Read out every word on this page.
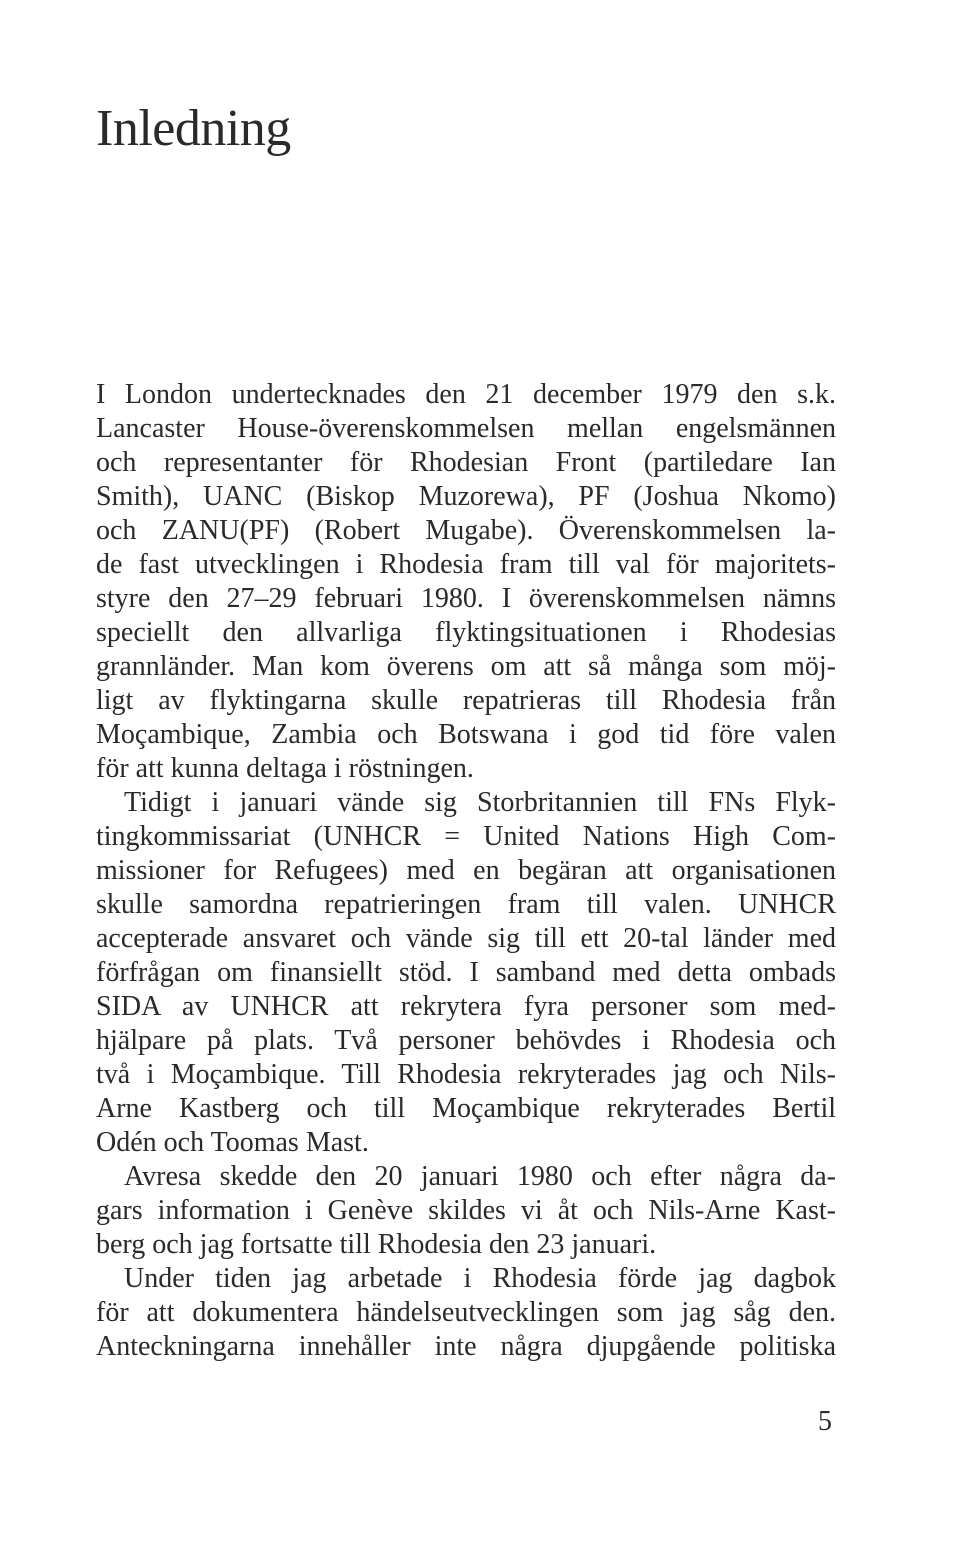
Inledning
I London undertecknades den 21 december 1979 den s.k.
Lancaster House-överenskommelsen mellan engelsmännen
och representanter för Rhodesian Front (partiledare Ian
Smith), UANC (Biskop Muzorewa), PF (Joshua Nkomo)
och ZANU(PF) (Robert Mugabe). Överenskommelsen la-
de fast utvecklingen i Rhodesia fram till val för majoritets-
styre den 27–29 februari 1980. I överenskommelsen nämns
speciellt den allvarliga flyktingsituationen i Rhodesias
grannländer. Man kom överens om att så många som möj-
ligt av flyktingarna skulle repatrieras till Rhodesia från
Moçambique, Zambia och Botswana i god tid före valen
för att kunna deltaga i röstningen.
Tidigt i januari vände sig Storbritannien till FNs Flyk-
tingkommissariat (UNHCR = United Nations High Com-
missioner for Refugees) med en begäran att organisationen
skulle samordna repatrieringen fram till valen. UNHCR
accepterade ansvaret och vände sig till ett 20-tal länder med
förfrågan om finansiellt stöd. I samband med detta ombads
SIDA av UNHCR att rekrytera fyra personer som med-
hjälpare på plats. Två personer behövdes i Rhodesia och
två i Moçambique. Till Rhodesia rekryterades jag och Nils-
Arne Kastberg och till Moçambique rekryterades Bertil
Odén och Toomas Mast.
Avresa skedde den 20 januari 1980 och efter några da-
gars information i Genève skildes vi åt och Nils-Arne Kast-
berg och jag fortsatte till Rhodesia den 23 januari.
Under tiden jag arbetade i Rhodesia förde jag dagbok
för att dokumentera händelseutvecklingen som jag såg den.
Anteckningarna innehåller inte några djupgående politiska
5
